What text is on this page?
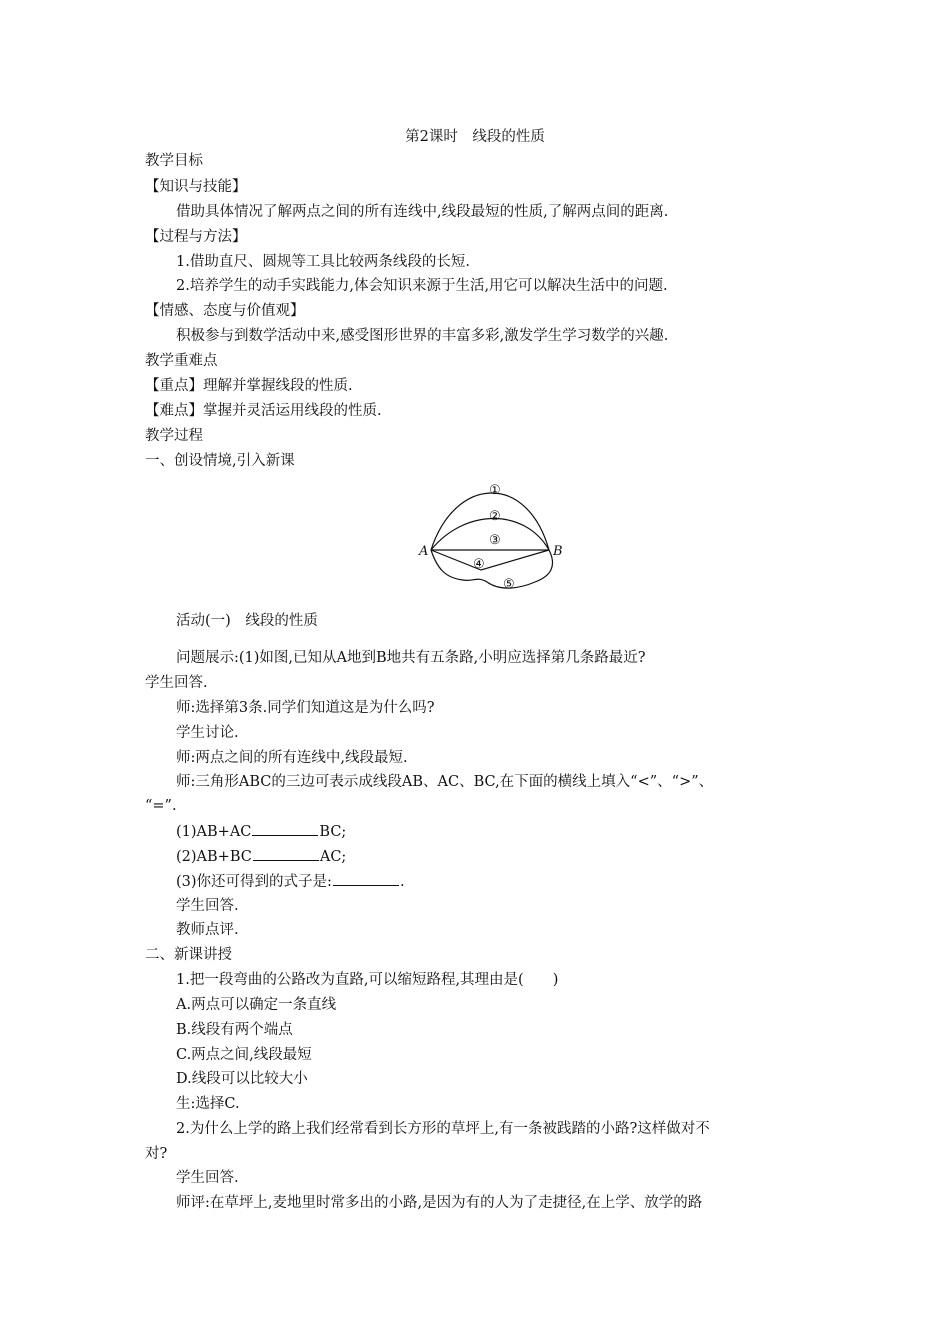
第2课时　线段的性质
教学目标
【知识与技能】
借助具体情况了解两点之间的所有连线中,线段最短的性质,了解两点间的距离.
【过程与方法】
1.借助直尺、圆规等工具比较两条线段的长短.
2.培养学生的动手实践能力,体会知识来源于生活,用它可以解决生活中的问题.
【情感、态度与价值观】
积极参与到数学活动中来,感受图形世界的丰富多彩,激发学生学习数学的兴趣.
教学重难点
【重点】理解并掌握线段的性质.
【难点】掌握并灵活运用线段的性质.
教学过程
一、创设情境,引入新课
A	B
①
②
③
④
⑤
活动(一)　线段的性质
问题展示:(1)如图,已知从A地到B地共有五条路,小明应选择第几条路最近?
学生回答.
师:选择第3条.同学们知道这是为什么吗?
学生讨论.
师:两点之间的所有连线中,线段最短.
师:三角形ABC的三边可表示成线段AB、AC、BC,在下面的横线上填入“<”、“>”、
“=”.
(1)AB+AC	BC;
(2)AB+BC	AC;
(3)你还可得到的式子是:	.
学生回答.
教师点评.
二、新课讲授
1.把一段弯曲的公路改为直路,可以缩短路程,其理由是(　　)
A.两点可以确定一条直线
B.线段有两个端点
C.两点之间,线段最短
D.线段可以比较大小
生:选择C.
2.为什么上学的路上我们经常看到长方形的草坪上,有一条被践踏的小路?这样做对不
对?
学生回答.
师评:在草坪上,麦地里时常多出的小路,是因为有的人为了走捷径,在上学、放学的路
